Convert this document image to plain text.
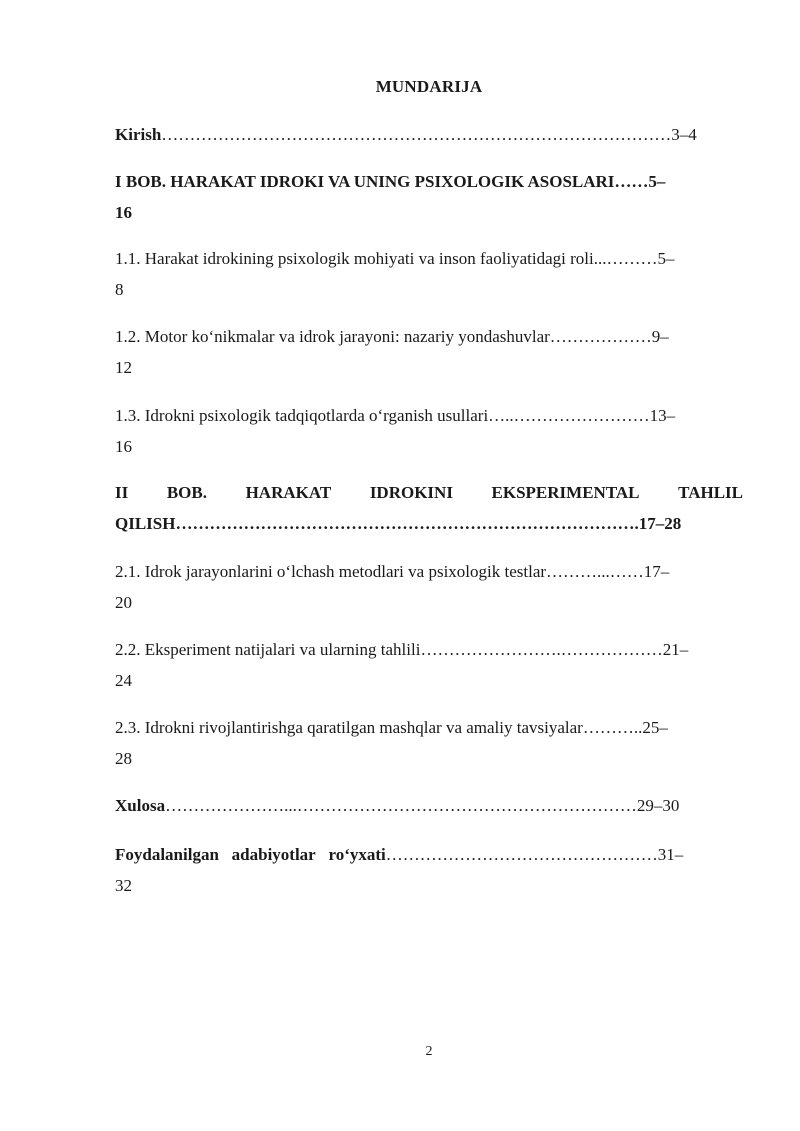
MUNDARIJA
Kirish………………………………………………………………………………3–4
I BOB. HARAKAT IDROKI VA UNING PSIXOLOGIK ASOSLARI……5–
16
1.1. Harakat idrokining psixologik mohiyati va inson faoliyatidagi roli...………5–
8
1.2. Motor koʻnikmalar va idrok jarayoni: nazariy yondashuvlar………………9–
12
1.3. Idrokni psixologik tadqiqotlarda oʻrganish usullari…..……………………13–
16
II BOB. HARAKAT IDROKINI EKSPERIMENTAL TAHLIL
QILISH……………………………………………………………………….17–28
2.1. Idrok jarayonlarini oʻlchash metodlari va psixologik testlar………...……17–
20
2.2. Eksperiment natijalari va ularning tahlili…………………….………………21–
24
2.3. Idrokni rivojlantirishga qaratilgan mashqlar va amaliy tavsiyalar………..25–
28
Xulosa…………………...……………………………………………………29–30
Foydalanilgan   adabiyotlar   roʻyxati…………………………………………31–
32
2
